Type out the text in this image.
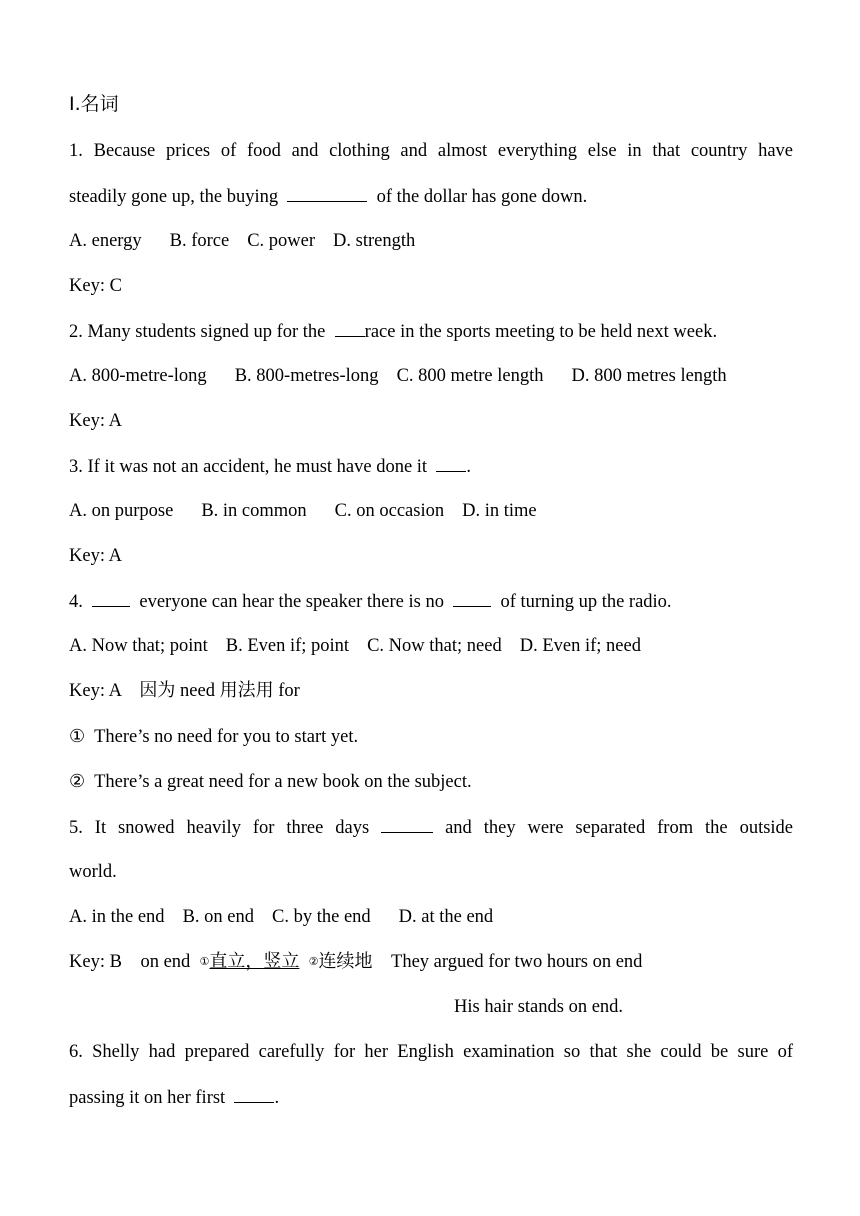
I.名词
1. Because prices of food and clothing and almost everything else in that country have
steadily gone up, the buying	of the dollar has gone down.
A. energy B. force C. power D. strength
Key: C
2. Many students signed up for the race in the sports meeting to be held next week.
A. 800-metre-long B. 800-metres-long C. 800 metre length D. 800 metres length
Key: A
3. If it was not an accident, he must have done it .
A. on purpose B. in common C. on occasion D. in time
Key: A
4.	everyone can hear the speaker there is no	of turning up the radio.
A. Now that; point B. Even if; point C. Now that; need D. Even if; need
Key: A 因为 need 用法用 for
① There’s no need for you to start yet.
② There’s a great need for a new book on the subject.
5. It snowed heavily for three days	and they were separated from the outside
world.
A. in the end B. on end C. by the end D. at the end
Key: B on end ①直立，竖立 ②连续地 They argued for two hours on end
His hair stands on end.
6. Shelly had prepared carefully for her English examination so that she could be sure of
passing it on her first	.
